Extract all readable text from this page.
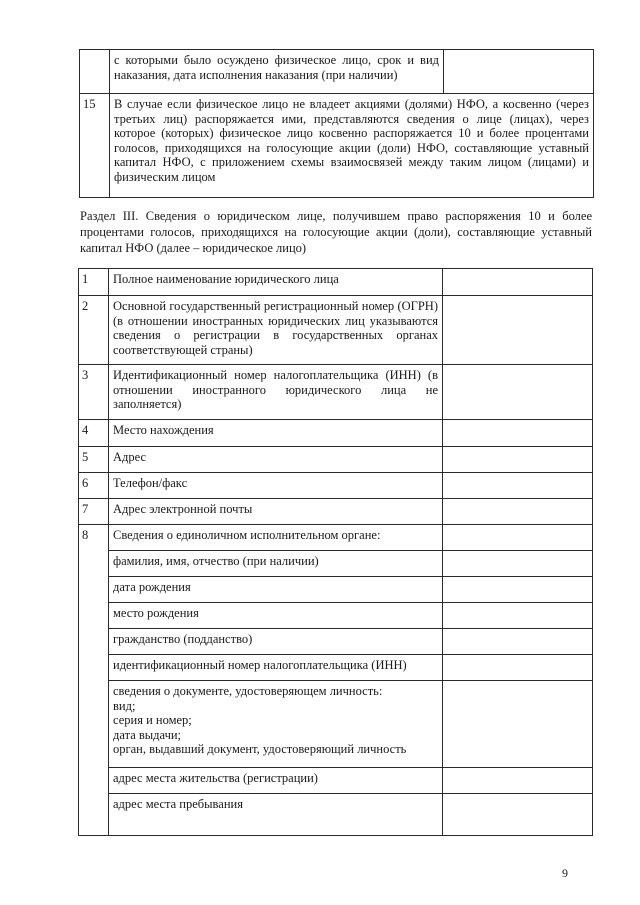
	с которыми было осуждено физическое лицо, срок и вид наказания, дата исполнения наказания (при наличии)	
15	В случае если физическое лицо не владеет акциями (долями) НФО, а косвенно (через третьих лиц) распоряжается ими, представляются сведения о лице (лицах), через которое (которых) физическое лицо косвенно распоряжается 10 и более процентами голосов, приходящихся на голосующие акции (доли) НФО, составляющие уставный капитал НФО, с приложением схемы взаимосвязей между таким лицом (лицами) и физическим лицом	
Раздел III. Сведения о юридическом лице, получившем право распоряжения 10 и более процентами голосов, приходящихся на голосующие акции (доли), составляющие уставный капитал НФО (далее – юридическое лицо)
1	Полное наименование юридического лица	
2	Основной государственный регистрационный номер (ОГРН) (в отношении иностранных юридических лиц указываются сведения о регистрации в государственных органах соответствующей страны)	
3	Идентификационный номер налогоплательщика (ИНН) (в отношении иностранного юридического лица не заполняется)	
4	Место нахождения	
5	Адрес	
6	Телефон/факс	
7	Адрес электронной почты	
8	Сведения о единоличном исполнительном органе:	
	фамилия, имя, отчество (при наличии)	
	дата рождения	
	место рождения	
	гражданство (подданство)	
	идентификационный номер налогоплательщика (ИНН)	

	сведения о документе, удостоверяющем личность:
вид;
серия и номер;
дата выдачи;
орган, выдавший документ, удостоверяющий личность	

	адрес места жительства (регистрации)	
	адрес места пребывания	
9
